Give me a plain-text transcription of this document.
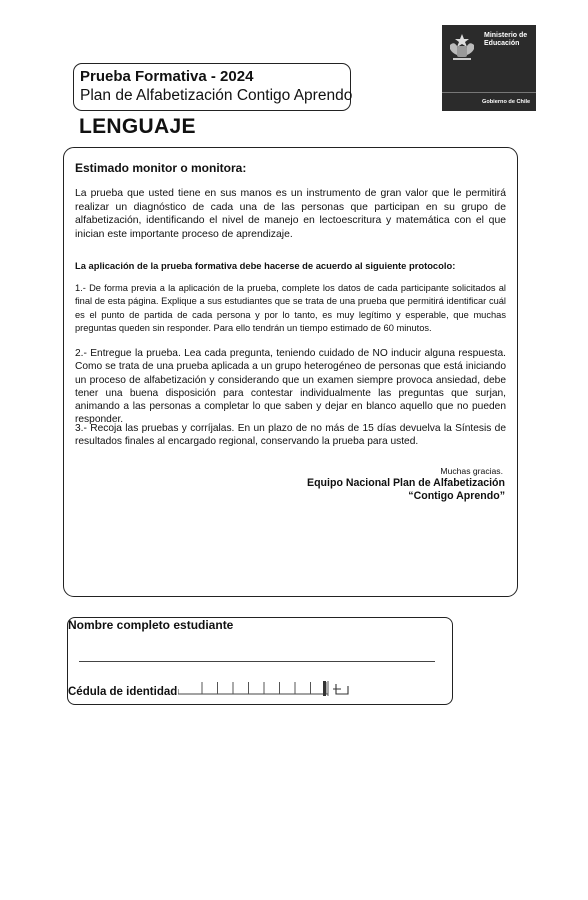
Prueba Formativa - 2024
Plan de Alfabetización Contigo Aprendo
LENGUAJE
Ministerio de
Educación
Gobierno de Chile
Estimado monitor o monitora:
La prueba que usted tiene en sus manos es un instrumento de gran valor que le permitirá realizar un diagnóstico de cada una de las personas que participan en su grupo de alfabetización, identificando el nivel de manejo en lectoescritura y matemática con el que inician este importante proceso de aprendizaje.
La aplicación de la prueba formativa debe hacerse de acuerdo al siguiente protocolo:
1.- De forma previa a la aplicación de la prueba, complete los datos de cada participante solicitados al final de esta página. Explique a sus estudiantes que se trata de una prueba que permitirá identificar cuál es el punto de partida de cada persona y por lo tanto, es muy legítimo y esperable, que muchas preguntas queden sin responder. Para ello tendrán un tiempo estimado de 60 minutos.
2.- Entregue la prueba. Lea cada pregunta, teniendo cuidado de NO inducir alguna respuesta. Como se trata de una prueba aplicada a un grupo heterogéneo de personas que está iniciando un proceso de alfabetización y considerando que un examen siempre provoca ansiedad, debe tener una buena disposición para contestar individualmente las preguntas que surjan, animando a las personas a completar lo que saben y dejar en blanco aquello que no pueden responder.
3.- Recoja las pruebas y corríjalas. En un plazo de no más de 15 días devuelva la Síntesis de resultados finales al encargado regional, conservando la prueba para usted.
Muchas gracias.
Equipo Nacional Plan de Alfabetización
“Contigo Aprendo”
Nombre completo estudiante
Cédula de identidad
